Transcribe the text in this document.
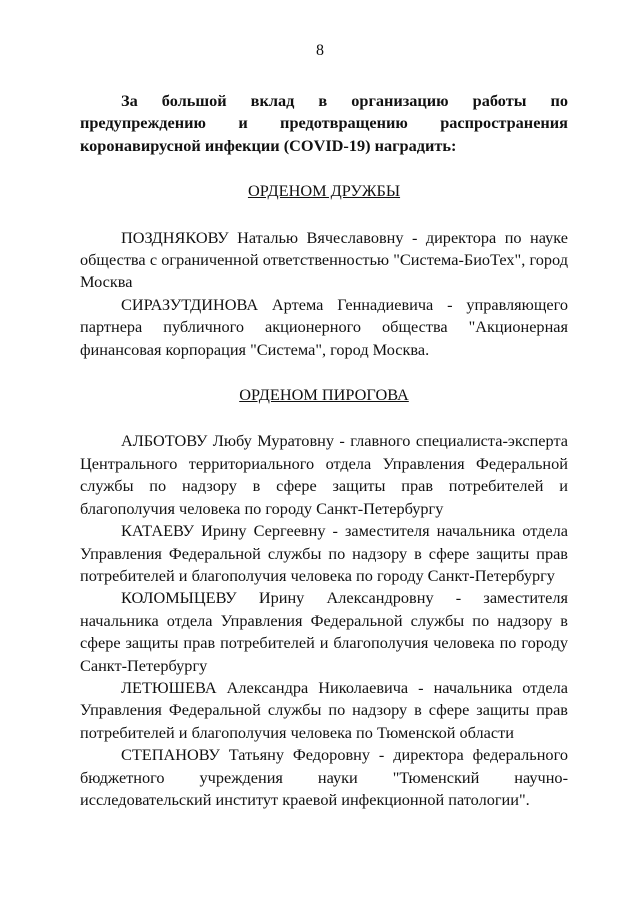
8

За большой вклад в организацию работы по предупреждению и предотвращению распространения коронавирусной инфекции (COVID-19) наградить:

ОРДЕНОМ ДРУЖБЫ

ПОЗДНЯКОВУ Наталью Вячеславовну - директора по науке общества с ограниченной ответственностью "Система-БиоТех", город Москва

СИРАЗУТДИНОВА Артема Геннадиевича - управляющего партнера публичного акционерного общества "Акционерная финансовая корпорация "Система", город Москва.

ОРДЕНОМ ПИРОГОВА

АЛБОТОВУ Любу Муратовну - главного специалиста-эксперта Центрального территориального отдела Управления Федеральной службы по надзору в сфере защиты прав потребителей и благополучия человека по городу Санкт-Петербургу

КАТАЕВУ Ирину Сергеевну - заместителя начальника отдела Управления Федеральной службы по надзору в сфере защиты прав потребителей и благополучия человека по городу Санкт-Петербургу

КОЛОМЫЦЕВУ Ирину Александровну - заместителя начальника отдела Управления Федеральной службы по надзору в сфере защиты прав потребителей и благополучия человека по городу Санкт-Петербургу

ЛЕТЮШЕВА Александра Николаевича - начальника отдела Управления Федеральной службы по надзору в сфере защиты прав потребителей и благополучия человека по Тюменской области

СТЕПАНОВУ Татьяну Федоровну - директора федерального бюджетного учреждения науки "Тюменский научно-исследовательский институт краевой инфекционной патологии".
